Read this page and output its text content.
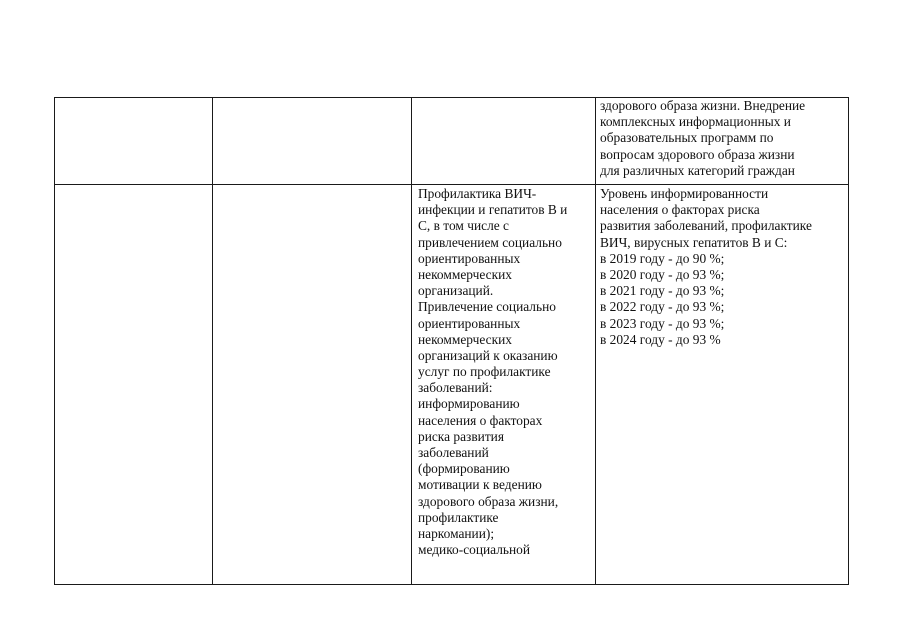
здорового образа жизни. Внедрение
комплексных информационных и
образовательных программ по
вопросам здорового образа жизни
для различных категорий граждан
Профилактика ВИЧ-
инфекции и гепатитов В и
С, в том числе с
привлечением социально
ориентированных
некоммерческих
организаций.
Привлечение социально
ориентированных
некоммерческих
организаций к оказанию
услуг по профилактике
заболеваний:
информированию
населения о факторах
риска развития
заболеваний
(формированию
мотивации к ведению
здорового образа жизни,
профилактике
наркомании);
медико-социальной
Уровень информированности
населения о факторах риска
развития заболеваний, профилактике
ВИЧ, вирусных гепатитов В и С:
в 2019 году - до 90 %;
в 2020 году - до 93 %;
в 2021 году - до 93 %;
в 2022 году - до 93 %;
в 2023 году - до 93 %;
в 2024 году - до 93 %
